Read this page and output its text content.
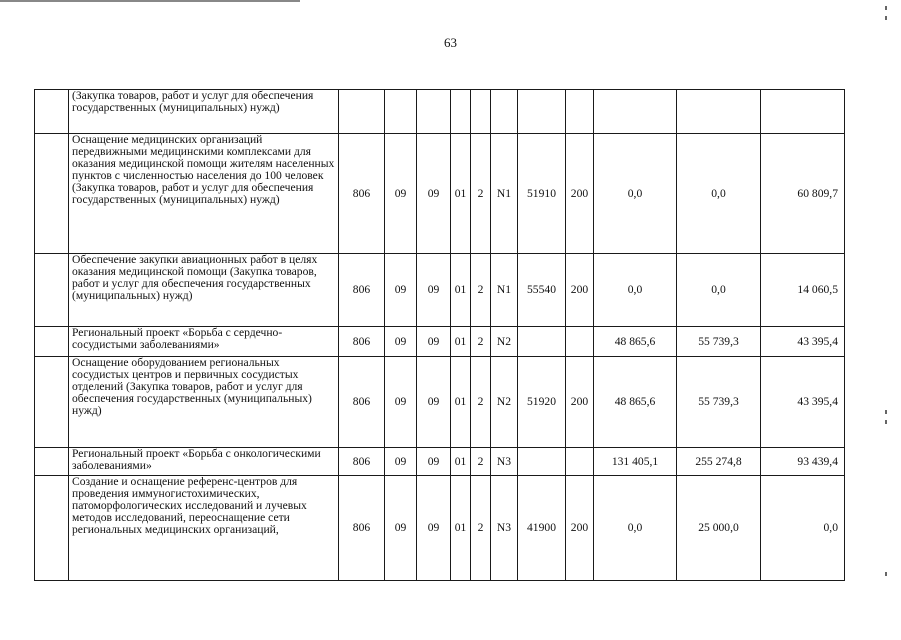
63
	(Закупка товаров, работ и услуг для обеспечения государственных (муниципальных) нужд)											
	Оснащение медицинских организаций передвижными медицинскими комплексами для оказания медицинской помощи жителям населенных пунктов с численностью населения до 100 человек (Закупка товаров, работ и услуг для обеспечения государственных (муниципальных) нужд)	806	09	09	01	2	N1	51910	200	0,0	0,0	60 809,7
	Обеспечение закупки авиационных работ в целях оказания медицинской помощи (Закупка товаров, работ и услуг для обеспечения государственных (муниципальных) нужд)	806	09	09	01	2	N1	55540	200	0,0	0,0	14 060,5
	Региональный проект «Борьба с сердечно-сосудистыми заболеваниями»	806	09	09	01	2	N2			48 865,6	55 739,3	43 395,4
	Оснащение оборудованием региональных сосудистых центров и первичных сосудистых отделений (Закупка товаров, работ и услуг для обеспечения государственных (муниципальных) нужд)	806	09	09	01	2	N2	51920	200	48 865,6	55 739,3	43 395,4
	Региональный проект «Борьба с онкологическими заболеваниями»	806	09	09	01	2	N3			131 405,1	255 274,8	93 439,4
	Создание и оснащение референс-центров для проведения иммуногистохимических, патоморфологических исследований и лучевых методов исследований, переоснащение сети региональных медицинских организаций,	806	09	09	01	2	N3	41900	200	0,0	25 000,0	0,0
